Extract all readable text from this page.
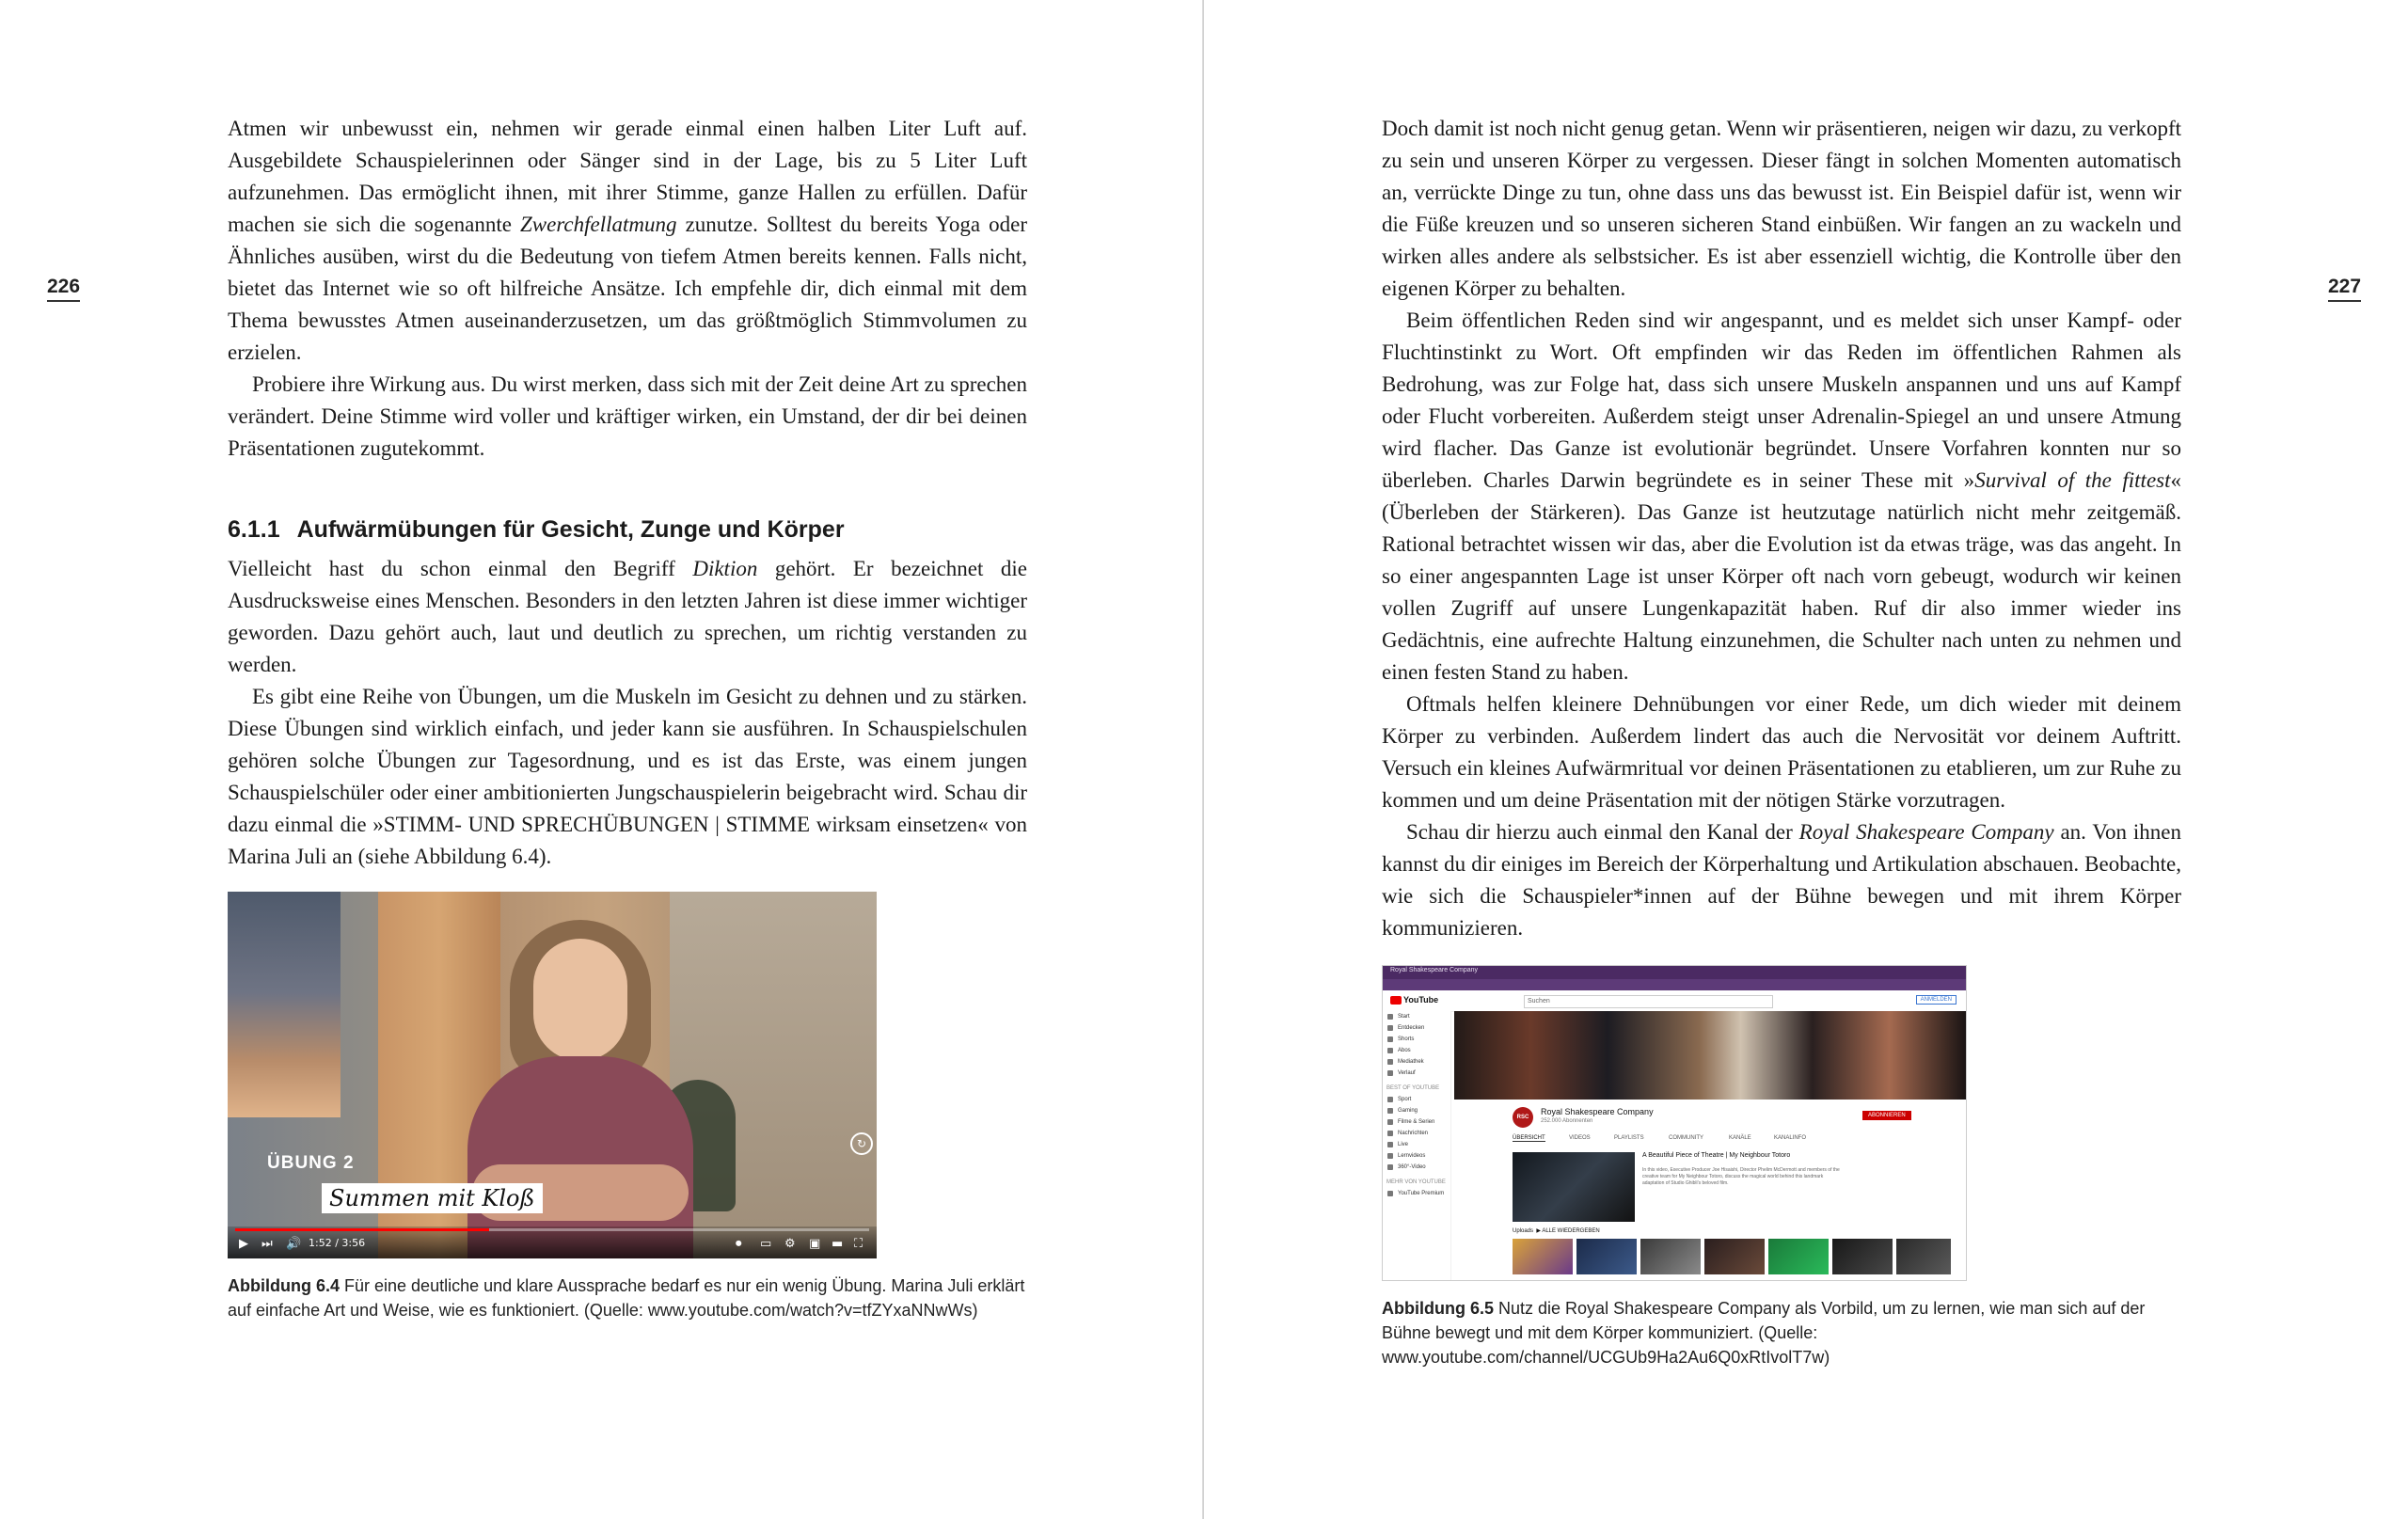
226

Atmen wir unbewusst ein, nehmen wir gerade einmal einen halben Liter Luft auf. Ausgebildete Schauspielerinnen oder Sänger sind in der Lage, bis zu 5 Liter Luft aufzunehmen. Das ermöglicht ihnen, mit ihrer Stimme, ganze Hallen zu erfüllen. Dafür machen sie sich die sogenannte Zwerchfellatmung zunutze. Solltest du bereits Yoga oder Ähnliches ausüben, wirst du die Bedeutung von tiefem Atmen bereits kennen. Falls nicht, bietet das Internet wie so oft hilfreiche Ansätze. Ich empfehle dir, dich einmal mit dem Thema bewusstes Atmen auseinanderzusetzen, um das größtmöglich Stimmvolumen zu erzielen.

Probiere ihre Wirkung aus. Du wirst merken, dass sich mit der Zeit deine Art zu sprechen verändert. Deine Stimme wird voller und kräftiger wirken, ein Umstand, der dir bei deinen Präsentationen zugutekommt.

6.1.1 Aufwärmübungen für Gesicht, Zunge und Körper

Vielleicht hast du schon einmal den Begriff Diktion gehört. Er bezeichnet die Ausdrucksweise eines Menschen. Besonders in den letzten Jahren ist diese immer wichtiger geworden. Dazu gehört auch, laut und deutlich zu sprechen, um richtig verstanden zu werden.

Es gibt eine Reihe von Übungen, um die Muskeln im Gesicht zu dehnen und zu stärken. Diese Übungen sind wirklich einfach, und jeder kann sie ausführen. In Schauspielschulen gehören solche Übungen zur Tagesordnung, und es ist das Erste, was einem jungen Schauspielschüler oder einer ambitionierten Jungschauspielerin beigebracht wird. Schau dir dazu einmal die »STIMM- UND SPRECHÜBUNGEN | STIMME wirksam einsetzen« von Marina Juli an (siehe Abbildung 6.4).

ÜBUNG 2
Summen mit Kloß
↻
▶ ⏭ 🔊 1:52 / 3:56	⏺ ▭ ⚙ ▣ ▬ ⛶
Abbildung 6.4 Für eine deutliche und klare Aussprache bedarf es nur ein wenig Übung. Marina Juli erklärt auf einfache Art und Weise, wie es funktioniert. (Quelle: www.youtube.com/watch?v=tfZYxaNNwWs)
227

Doch damit ist noch nicht genug getan. Wenn wir präsentieren, neigen wir dazu, zu verkopft zu sein und unseren Körper zu vergessen. Dieser fängt in solchen Momenten automatisch an, verrückte Dinge zu tun, ohne dass uns das bewusst ist. Ein Beispiel dafür ist, wenn wir die Füße kreuzen und so unseren sicheren Stand einbüßen. Wir fangen an zu wackeln und wirken alles andere als selbstsicher. Es ist aber essenziell wichtig, die Kontrolle über den eigenen Körper zu behalten.

Beim öffentlichen Reden sind wir angespannt, und es meldet sich unser Kampf- oder Fluchtinstinkt zu Wort. Oft empfinden wir das Reden im öffentlichen Rahmen als Bedrohung, was zur Folge hat, dass sich unsere Muskeln anspannen und uns auf Kampf oder Flucht vorbereiten. Außerdem steigt unser Adrenalin-Spiegel an und unsere Atmung wird flacher. Das Ganze ist evolutionär begründet. Unsere Vorfahren konnten nur so überleben. Charles Darwin begründete es in seiner These mit »Survival of the fittest« (Überleben der Stärkeren). Das Ganze ist heutzutage natürlich nicht mehr zeitgemäß. Rational betrachtet wissen wir das, aber die Evolution ist da etwas träge, was das angeht. In so einer angespannten Lage ist unser Körper oft nach vorn gebeugt, wodurch wir keinen vollen Zugriff auf unsere Lungenkapazität haben. Ruf dir also immer wieder ins Gedächtnis, eine aufrechte Haltung einzunehmen, die Schulter nach unten zu nehmen und einen festen Stand zu haben.

Oftmals helfen kleinere Dehnübungen vor einer Rede, um dich wieder mit deinem Körper zu verbinden. Außerdem lindert das auch die Nervosität vor deinem Auftritt. Versuch ein kleines Aufwärmritual vor deinen Präsentationen zu etablieren, um zur Ruhe zu kommen und um deine Präsentation mit der nötigen Stärke vorzutragen.

Schau dir hierzu auch einmal den Kanal der Royal Shakespeare Company an. Von ihnen kannst du dir einiges im Bereich der Körperhaltung und Artikulation abschauen. Beobachte, wie sich die Schauspieler*innen auf der Bühne bewegen und mit ihrem Körper kommunizieren.

Royal Shakespeare Company
YouTube	Suchen	ANMELDEN
Start
Entdecken
Shorts
Abos
Mediathek
Verlauf
BEST OF YOUTUBE
Sport
Gaming
Filme & Serien
Nachrichten
Live
Lernvideos
360°-Video
MEHR VON YOUTUBE
YouTube Premium
RSC
Royal Shakespeare Company
252.000 Abonnenten
ABONNIEREN
ÜBERSICHT	VIDEOS	PLAYLISTS	COMMUNITY	KANÄLE	KANALINFO
A Beautiful Piece of Theatre | My Neighbour Totoro
In this video, Executive Producer Joe Hisaishi, Director Phelim McDermott and members of the creative team for My Neighbour Totoro, discuss the magical world behind this landmark adaptation of Studio Ghibli's beloved film.
Uploads  ▶ ALLE WIEDERGEBEN
Abbildung 6.5 Nutz die Royal Shakespeare Company als Vorbild, um zu lernen, wie man sich auf der Bühne bewegt und mit dem Körper kommuniziert. (Quelle: www.youtube.com/channel/UCGUb9Ha2Au6Q0xRtIvolT7w)
